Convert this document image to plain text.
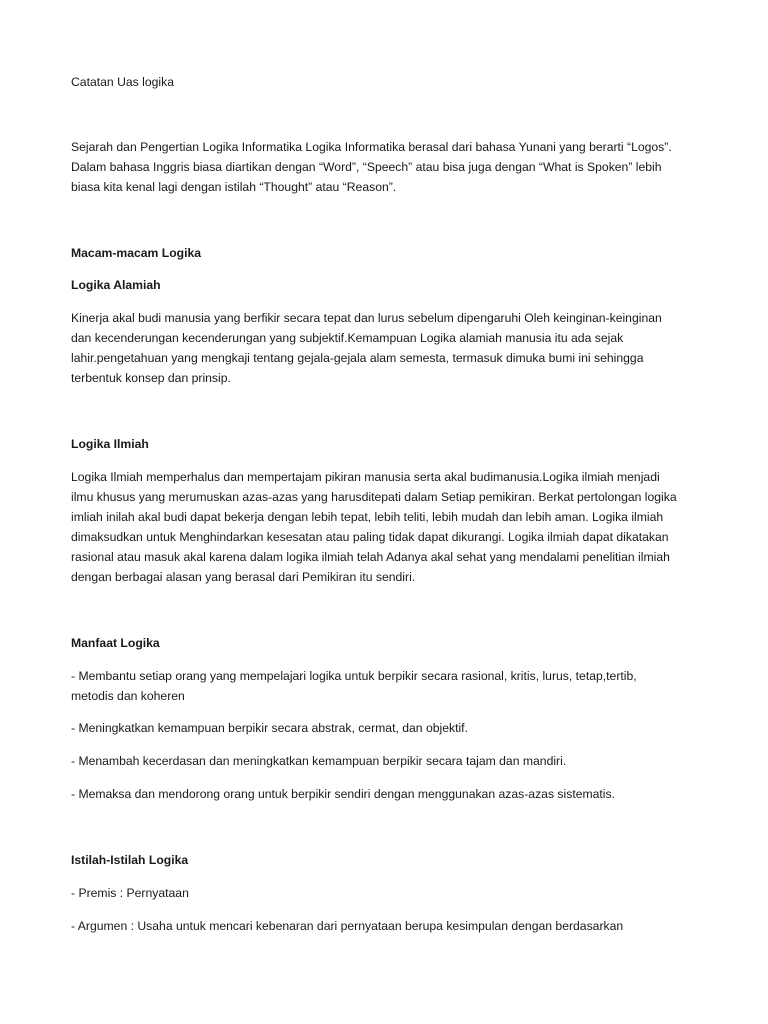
Catatan Uas logika
Sejarah dan Pengertian Logika Informatika Logika Informatika berasal dari bahasa Yunani yang berarti “Logos”.
Dalam bahasa Inggris biasa diartikan dengan “Word”, “Speech” atau bisa juga dengan “What is Spoken” lebih
biasa kita kenal lagi dengan istilah “Thought” atau “Reason”.
Macam-macam Logika
Logika Alamiah
Kinerja akal budi manusia yang berfikir secara tepat dan lurus sebelum dipengaruhi Oleh keinginan-keinginan
dan kecenderungan kecenderungan yang subjektif.Kemampuan Logika alamiah manusia itu ada sejak
lahir.pengetahuan yang mengkaji tentang gejala-gejala alam semesta, termasuk dimuka bumi ini sehingga
terbentuk konsep dan prinsip.
Logika Ilmiah
Logika Ilmiah memperhalus dan mempertajam pikiran manusia serta akal budimanusia.Logika ilmiah menjadi
ilmu khusus yang merumuskan azas-azas yang harusditepati dalam Setiap pemikiran. Berkat pertolongan logika
imliah inilah akal budi dapat bekerja dengan lebih tepat, lebih teliti, lebih mudah dan lebih aman. Logika ilmiah
dimaksudkan untuk Menghindarkan kesesatan atau paling tidak dapat dikurangi. Logika ilmiah dapat dikatakan
rasional atau masuk akal karena dalam logika ilmiah telah Adanya akal sehat yang mendalami penelitian ilmiah
dengan berbagai alasan yang berasal dari Pemikiran itu sendiri.
Manfaat Logika
- Membantu setiap orang yang mempelajari logika untuk berpikir secara rasional, kritis, lurus, tetap,tertib,
metodis dan koheren
- Meningkatkan kemampuan berpikir secara abstrak, cermat, dan objektif.
- Menambah kecerdasan dan meningkatkan kemampuan berpikir secara tajam dan mandiri.
- Memaksa dan mendorong orang untuk berpikir sendiri dengan menggunakan azas-azas sistematis.
Istilah-Istilah Logika
- Premis : Pernyataan
- Argumen : Usaha untuk mencari kebenaran dari pernyataan berupa kesimpulan dengan berdasarkan
